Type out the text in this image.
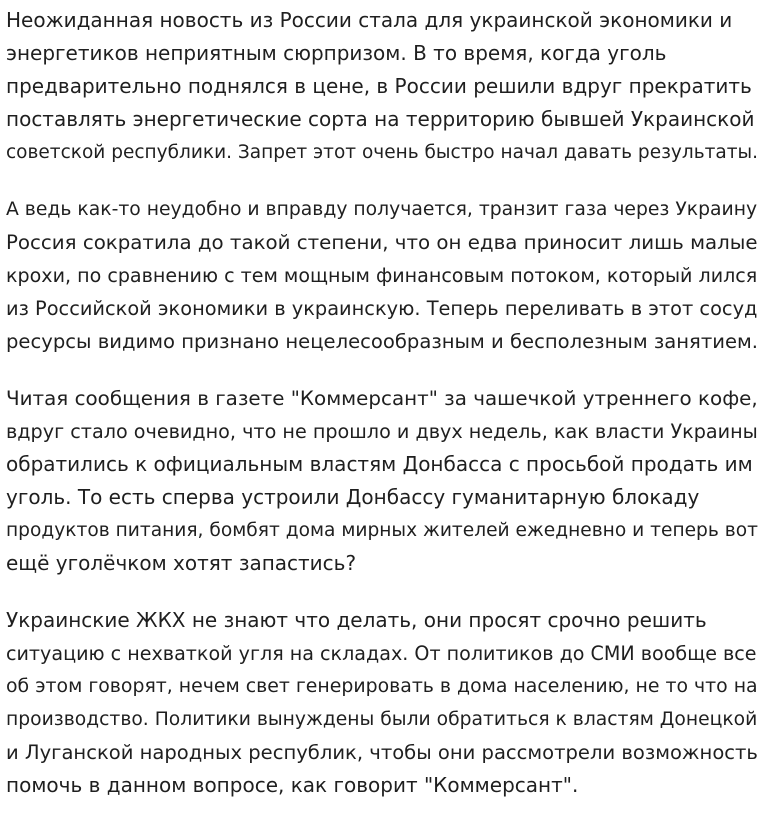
Неожиданная новость из России стала для украинской экономики и
энергетиков неприятным сюрпризом. В то время, когда уголь
предварительно поднялся в цене, в России решили вдруг прекратить
поставлять энергетические сорта на территорию бывшей Украинской
советской республики. Запрет этот очень быстро начал давать результаты.

А ведь как-то неудобно и вправду получается, транзит газа через Украину
Россия сократила до такой степени, что он едва приносит лишь малые
крохи, по сравнению с тем мощным финансовым потоком, который лился
из Российской экономики в украинскую. Теперь переливать в этот сосуд
ресурсы видимо признано нецелесообразным и бесполезным занятием.

Читая сообщения в газете "Коммерсант" за чашечкой утреннего кофе,
вдруг стало очевидно, что не прошло и двух недель, как власти Украины
обратились к официальным властям Донбасса с просьбой продать им
уголь. То есть сперва устроили Донбассу гуманитарную блокаду
продуктов питания, бомбят дома мирных жителей ежедневно и теперь вот
ещё уголёчком хотят запастись?

Украинские ЖКХ не знают что делать, они просят срочно решить
ситуацию с нехваткой угля на складах. От политиков до СМИ вообще все
об этом говорят, нечем свет генерировать в дома населению, не то что на
производство. Политики вынуждены были обратиться к властям Донецкой
и Луганской народных республик, чтобы они рассмотрели возможность
помочь в данном вопросе, как говорит "Коммерсант".
